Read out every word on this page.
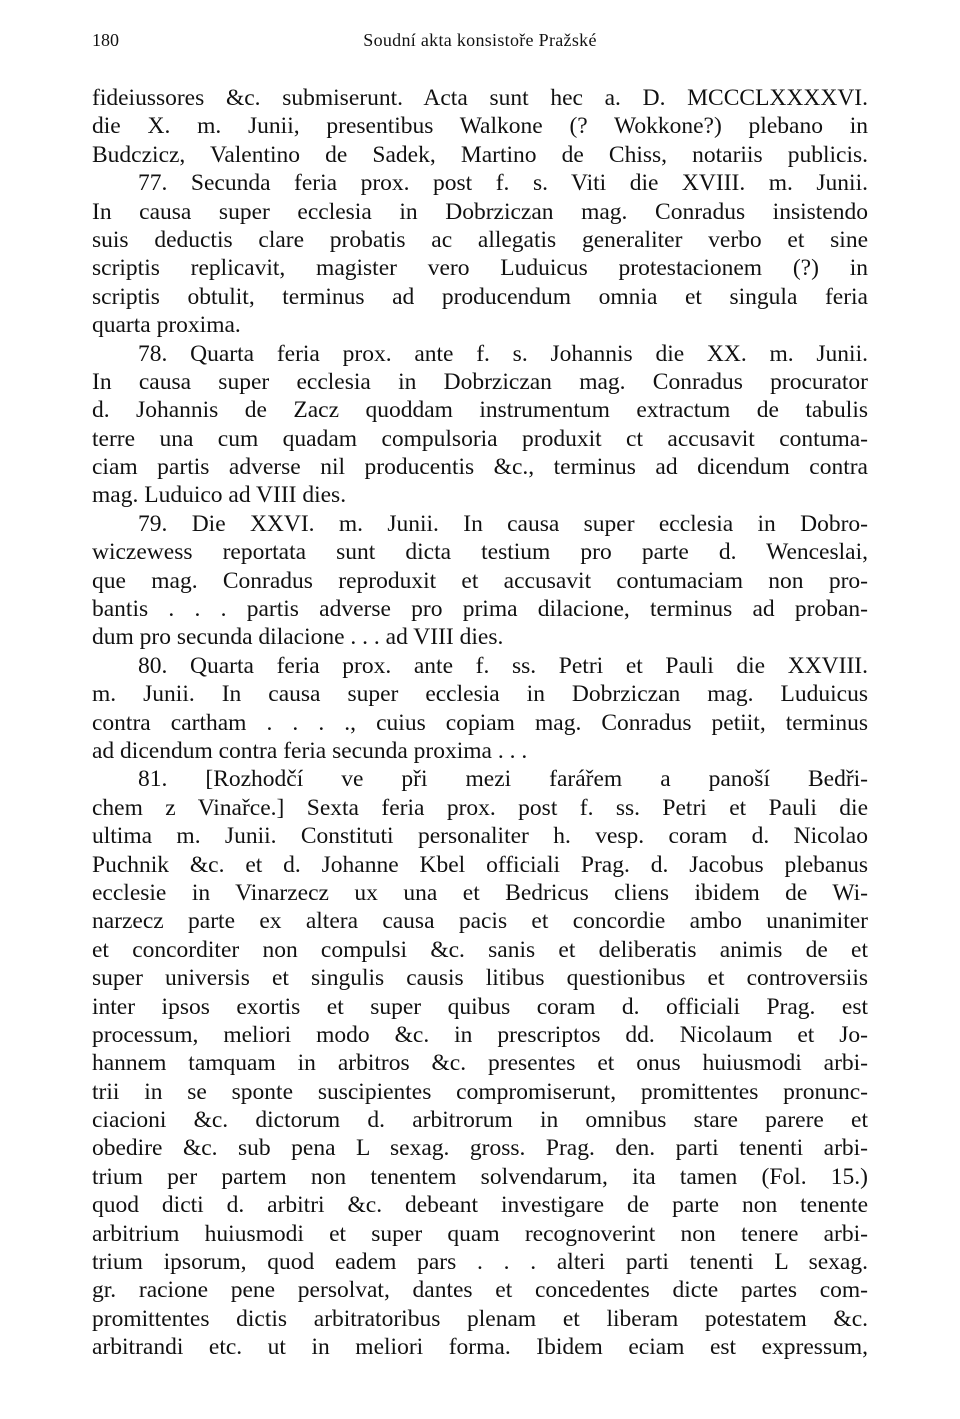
180	Soudní akta konsistoře Pražské
fideiussores &c. submiserunt. Acta sunt hec a. D. MCCCLXXXXVI.
die X. m. Junii, presentibus Walkone (? Wokkone?) plebano in
Budczicz, Valentino de Sadek, Martino de Chiss, notariis publicis.
77. Secunda feria prox. post f. s. Viti die XVIII. m. Junii.
In causa super ecclesia in Dobrziczan mag. Conradus insistendo
suis deductis clare probatis ac allegatis generaliter verbo et sine
scriptis replicavit, magister vero Luduicus protestacionem (?) in
scriptis obtulit, terminus ad producendum omnia et singula feria
quarta proxima.
78. Quarta feria prox. ante f. s. Johannis die XX. m. Junii.
In causa super ecclesia in Dobrziczan mag. Conradus procurator
d. Johannis de Zacz quoddam instrumentum extractum de tabulis
terre una cum quadam compulsoria produxit ct accusavit contuma-
ciam partis adverse nil producentis &c., terminus ad dicendum contra
mag. Luduico ad VIII dies.
79. Die XXVI. m. Junii. In causa super ecclesia in Dobro-
wiczewess reportata sunt dicta testium pro parte d. Wenceslai,
que mag. Conradus reproduxit et accusavit contumaciam non pro-
bantis . . . partis adverse pro prima dilacione, terminus ad proban-
dum pro secunda dilacione . . . ad VIII dies.
80. Quarta feria prox. ante f. ss. Petri et Pauli die XXVIII.
m. Junii. In causa super ecclesia in Dobrziczan mag. Luduicus
contra cartham . . . ., cuius copiam mag. Conradus petiit, terminus
ad dicendum contra feria secunda proxima . . .
81. [Rozhodčí ve při mezi farářem a panoší Bedři-
chem z Vinařce.] Sexta feria prox. post f. ss. Petri et Pauli die
ultima m. Junii. Constituti personaliter h. vesp. coram d. Nicolao
Puchnik &c. et d. Johanne Kbel officiali Prag. d. Jacobus plebanus
ecclesie in Vinarzecz ux una et Bedricus cliens ibidem de Wi-
narzecz parte ex altera causa pacis et concordie ambo unanimiter
et concorditer non compulsi &c. sanis et deliberatis animis de et
super universis et singulis causis litibus questionibus et controversiis
inter ipsos exortis et super quibus coram d. officiali Prag. est
processum, meliori modo &c. in prescriptos dd. Nicolaum et Jo-
hannem tamquam in arbitros &c. presentes et onus huiusmodi arbi-
trii in se sponte suscipientes compromiserunt, promittentes pronunc-
ciacioni &c. dictorum d. arbitrorum in omnibus stare parere et
obedire &c. sub pena L sexag. gross. Prag. den. parti tenenti arbi-
trium per partem non tenentem solvendarum, ita tamen (Fol. 15.)
quod dicti d. arbitri &c. debeant investigare de parte non tenente
arbitrium huiusmodi et super quam recognoverint non tenere arbi-
trium ipsorum, quod eadem pars . . . alteri parti tenenti L sexag.
gr. racione pene persolvat, dantes et concedentes dicte partes com-
promittentes dictis arbitratoribus plenam et liberam potestatem &c.
arbitrandi etc. ut in meliori forma. Ibidem eciam est expressum,
